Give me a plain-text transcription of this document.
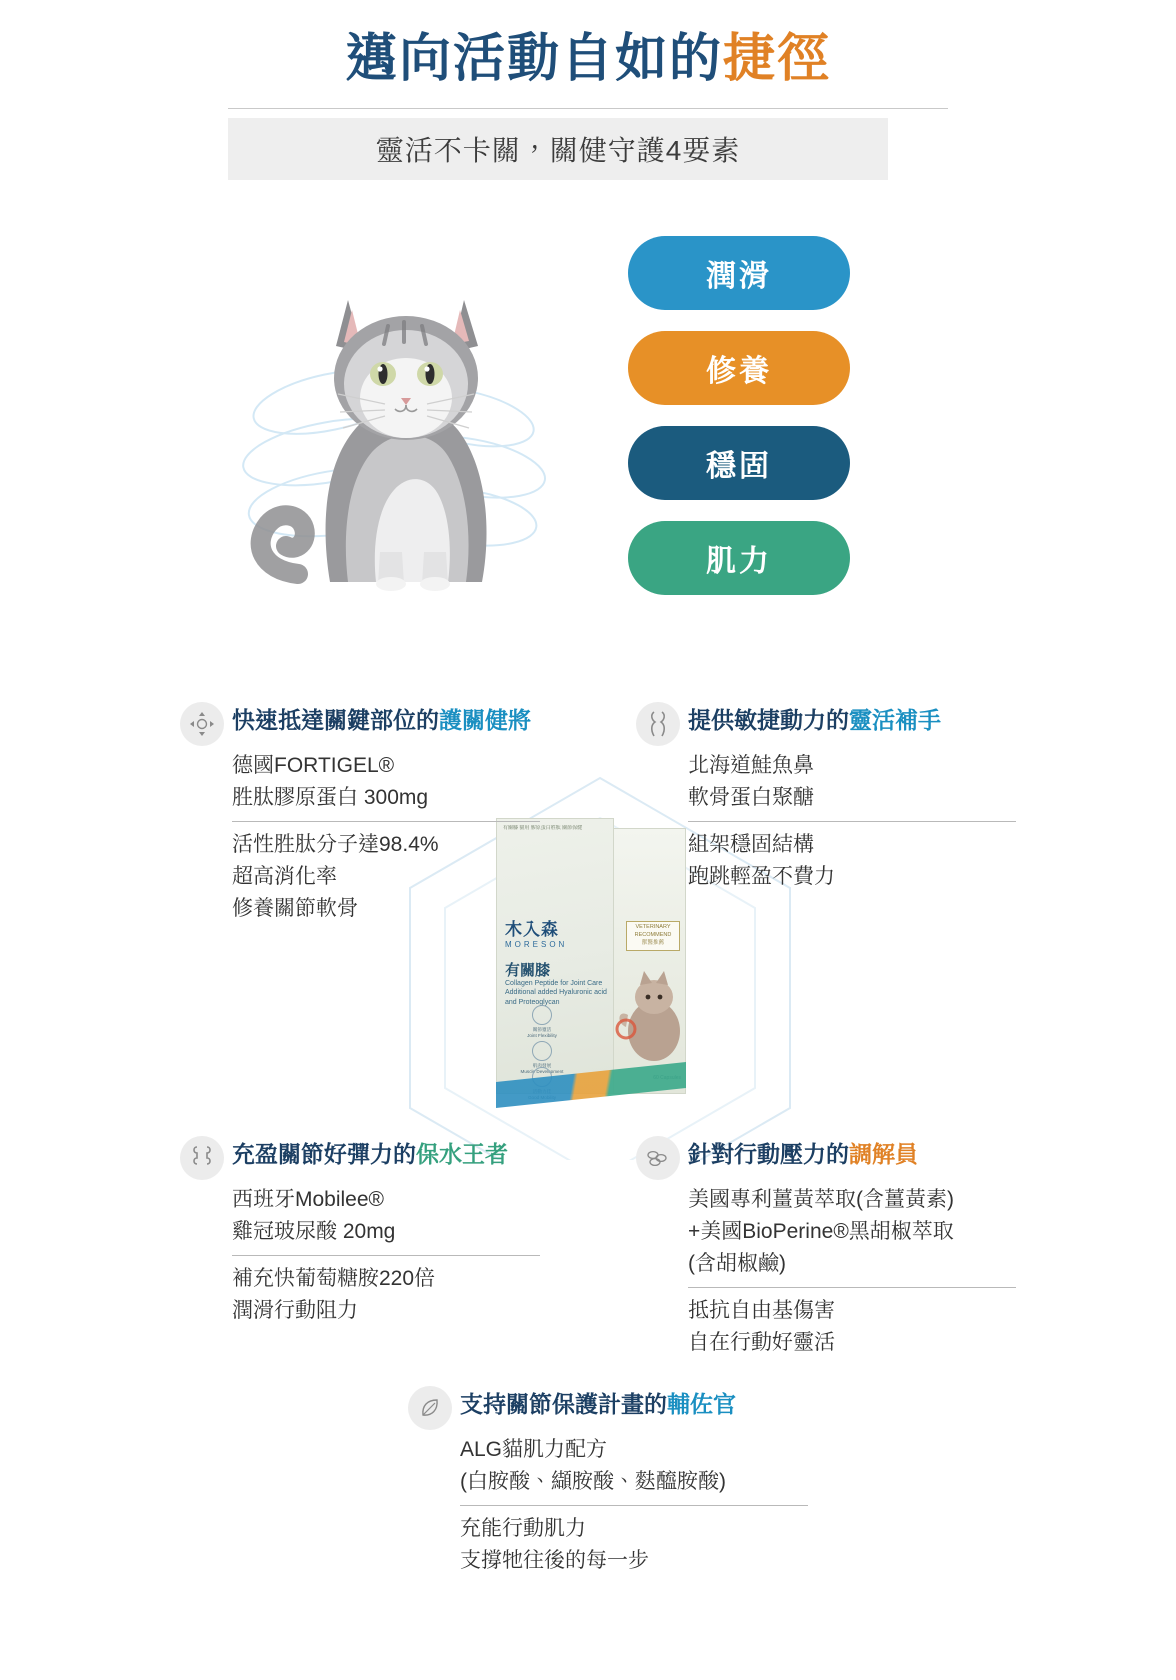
邁向活動自如的捷徑
靈活不卡關，關健守護4要素
潤滑
修養
穩固
肌力
有關膝 貓用 膠原蛋白胜肽 關節保健
木入森
MORESON
有關膝
Collagen Peptide for Joint Care
Additional added Hyaluronic acid and Proteoglycan
關節靈活
Joint Flexibility
肌肉發展
Muscle Development
VETERINARY
RECOMMEND
獸醫推薦
快速抵達關鍵部位的護關健將
德國FORTIGEL®
胜肽膠原蛋白 300mg
活性胜肽分子達98.4%
超高消化率
修養關節軟骨
提供敏捷動力的靈活補手
北海道鮭魚鼻
軟骨蛋白聚醣
組架穩固結構
跑跳輕盈不費力
充盈關節好彈力的保水王者
西班牙Mobilee®
雞冠玻尿酸 20mg
補充快葡萄糖胺220倍
潤滑行動阻力
針對行動壓力的調解員
美國專利薑黃萃取(含薑黃素)
+美國BioPerine®黑胡椒萃取
(含胡椒鹼)
抵抗自由基傷害
自在行動好靈活
支持關節保護計畫的輔佐官
ALG貓肌力配方
(白胺酸、纈胺酸、麩醯胺酸)
充能行動肌力
支撐牠往後的每一步
